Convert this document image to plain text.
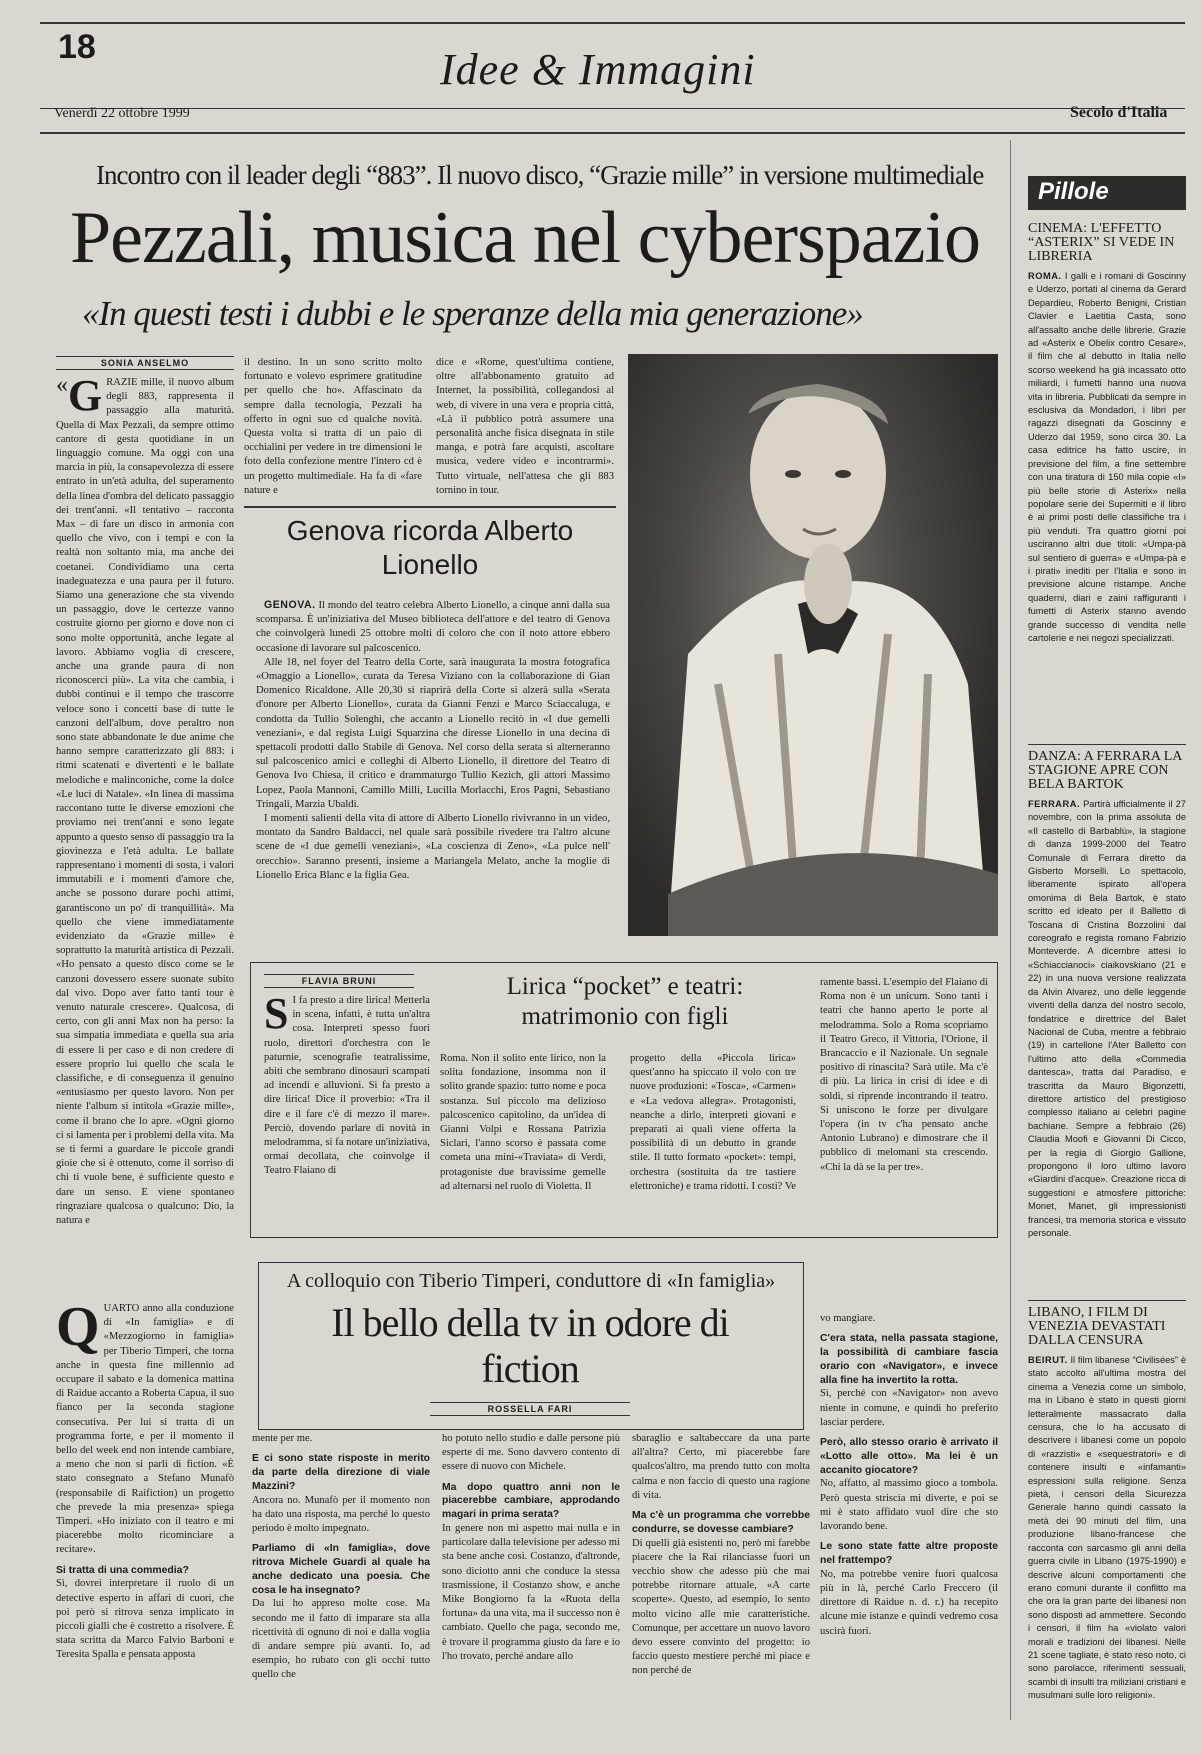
18	Idee & Immagini
Venerdì 22 ottobre 1999	Secolo d'Italia
Incontro con il leader degli “883”. Il nuovo disco, “Grazie mille” in versione multimediale
Pezzali, musica nel cyberspazio
«In questi testi i dubbi e le speranze della mia generazione»
SONIA ANSELMO
« G RAZIE mille, il nuovo album degli 883, rappresenta il passaggio alla maturità. Quella di Max Pezzali, da sempre ottimo cantore di gesta quotidiane in un linguaggio comune. Ma oggi con una marcia in più, la consapevolezza di essere entrato in un'età adulta, del superamento della linea d'ombra del delicato passaggio dei trent'anni. «Il tentativo – racconta Max – di fare un disco in armonia con quello che vivo, con i tempi e con la realtà non soltanto mia, ma anche dei coetanei. Condividiamo una certa inadeguatezza e una paura per il futuro. Siamo una generazione che sta vivendo un passaggio, dove le certezze vanno costruite giorno per giorno e dove non ci sono molte opportunità, anche legate al lavoro. Abbiamo voglia di crescere, anche una grande paura di non riconoscerci più». La vita che cambia, i dubbi continui e il tempo che trascorre veloce sono i concetti base di tutte le canzoni dell'album, dove peraltro non sono state abbandonate le due anime che hanno sempre caratterizzato gli 883: i ritmi scatenati e divertenti e le ballate melodiche e malinconiche, come la dolce «Le luci di Natale». «In linea di massima raccontano tutte le diverse emozioni che proviamo nei trent'anni e sono legate appunto a questo senso di passaggio tra la giovinezza e l'età adulta. Le ballate rappresentano i momenti di sosta, i valori immutabili e i momenti d'amore che, anche se possono durare pochi attimi, garantiscono un po' di tranquillità». Ma quello che viene immediatamente evidenziato da «Grazie mille» è soprattutto la maturità artistica di Pezzali. «Ho pensato a questo disco come se le canzoni dovessero essere suonate subito dal vivo. Dopo aver fatto tanti tour è venuto naturale crescere». Qualcosa, di certo, con gli anni Max non ha perso: la sua simpatia immediata e quella sua aria di essere lì per caso e di non credere di essere proprio lui quello che scala le classifiche, e di conseguenza il genuino «entusiasmo per questo lavoro. Non per niente l'album si intitola «Grazie mille», come il brano che lo apre. «Ogni giorno ci si lamenta per i problemi della vita. Ma se ti fermi a guardare le piccole grandi gioie che si è ottenuto, come il sorriso di chi ti vuole bene, è sufficiente questo e dare un senso. E viene spontaneo ringraziare qualcosa o qualcuno: Dio, la natura e
il destino. In un sono scritto molto fortunato e volevo esprimere gratitudine per quello che ho». Affascinato da sempre dalla tecnologia, Pezzali ha offerto in ogni suo cd qualche novità. Questa volta si tratta di un paio di occhialini per vedere in tre dimensioni le foto della confezione mentre l'intero cd è un progetto multimediale. Ha fa di «fare nature e
dice e «Rome, quest'ultima contiene, oltre all'abbonamento gratuito ad Internet, la possibilità, collegandosi al web, di vivere in una vera e propria città, «Là il pubblico potrà assumere una personalità anche fisica disegnata in stile manga, e potrà fare acquisti, ascoltare musica, vedere video e incontrarmi». Tutto virtuale, nell'attesa che gli 883 tornino in tour.
Genova ricorda Alberto Lionello

GENOVA. Il mondo del teatro celebra Alberto Lionello, a cinque anni dalla sua scomparsa. È un'iniziativa del Museo biblioteca dell'attore e del teatro di Genova che coinvolgerà lunedì 25 ottobre molti di coloro che con il noto attore ebbero occasione di lavorare sul palcoscenico.

Alle 18, nel foyer del Teatro della Corte, sarà inaugurata la mostra fotografica «Omaggio a Lionello», curata da Teresa Viziano con la collaborazione di Gian Domenico Ricaldone. Alle 20,30 si riaprirà della Corte si alzerà sulla «Serata d'onore per Alberto Lionello», curata da Gianni Fenzi e Marco Sciaccaluga, e condotta da Tullio Solenghi, che accanto a Lionello recitò in «I due gemelli veneziani», e dal regista Luigi Squarzina che diresse Lionello in una decina di spettacoli prodotti dallo Stabile di Genova. Nel corso della serata si alterneranno sul palcoscenico amici e colleghi di Alberto Lionello, il direttore del Teatro di Genova Ivo Chiesa, il critico e drammaturgo Tullio Kezich, gli attori Massimo Lopez, Paola Mannoni, Camillo Milli, Lucilla Morlacchi, Eros Pagni, Sebastiano Tringali, Marzia Ubaldi.

I momenti salienti della vita di attore di Alberto Lionello rivivranno in un video, montato da Sandro Baldacci, nel quale sarà possibile rivedere tra l'altro alcune scene de «I due gemelli veneziani», «La coscienza di Zeno», «La pulce nell' orecchio». Saranno presenti, insieme a Mariangela Melato, anche la moglie di Lionello Erica Blanc e la figlia Gea.

FLAVIA BRUNI	Lirica “pocket” e teatri: matrimonio con figli
S I fa presto a dire lirica! Metterla in scena, infatti, è tutta un'altra cosa. Interpreti spesso fuori ruolo, direttori d'orchestra con le paturnie, scenografie teatralissime, abiti che sembrano dinosauri scampati ad incendi e alluvioni. Si fa presto a dire lirica! Dice il proverbio: «Tra il dire e il fare c'è di mezzo il mare». Perciò, dovendo parlare di novità in melodramma, si fa notare un'iniziativa, ormai decollata, che coinvolge il Teatro Flaiano di
Roma. Non il solito ente lirico, non la solita fondazione, insomma non il solito grande spazio: tutto nome e poca sostanza. Sul piccolo ma delizioso palcoscenico capitolino, da un'idea di Gianni Volpi e Rossana Patrizia Siclari, l'anno scorso è passata come cometa una mini-«Traviata» di Verdi, protagoniste due bravissime gemelle ad alternarsi nel ruolo di Violetta. Il
progetto della «Piccola lirica» quest'anno ha spiccato il volo con tre nuove produzioni: «Tosca», «Carmen» e «La vedova allegra». Protagonisti, neanche a dirlo, interpreti giovani e preparati ai quali viene offerta la possibilità di un debutto in grande stile. Il tutto formato «pocket»: tempi, orchestra (sostituita da tre tastiere elettroniche) e trama ridotti. I costi? Ve
ramente bassi. L'esempio del Flaiano di Roma non è un unicum. Sono tanti i teatri che hanno aperto le porte al melodramma. Solo a Roma scopriamo il Teatro Greco, il Vittoria, l'Orione, il Brancaccio e il Nazionale. Un segnale positivo di rinascita? Sarà utile. Ma c'è di più. La lirica in crisi di idee e di soldi, si riprende incontrando il teatro. Si uniscono le forze per divulgare l'opera (in tv c'ha pensato anche Antonio Lubrano) e dimostrare che il pubblico di melomani sta crescendo. «Chi la dà se la per tre».
A colloquio con Tiberio Timperi, conduttore di «In famiglia»
Il bello della tv in odore di fiction
ROSSELLA FARI
Q UARTO anno alla conduzione di «In famiglia» e di «Mezzogiorno in famiglia» per Tiberio Timperi, che torna anche in questa fine millennio ad occupare il sabato e la domenica mattina di Raidue accanto a Roberta Capua, il suo fianco per la seconda stagione consecutiva. Per lui si tratta di un programma forte, e per il momento il bello del week end non intende cambiare, a meno che non si parli di fiction. «È stato consegnato a Stefano Munafò (responsabile di Raifiction) un progetto che prevede la mia presenza» spiega Timperi. «Ho iniziato con il teatro e mi piacerebbe molto ricominciare a recitare».
Si tratta di una commedia?
Sì, dovrei interpretare il ruolo di un detective esperto in affari di cuori, che poi però si ritrova senza implicato in piccoli gialli che è costretto a risolvere. È stata scritta da Marco Falvio Barboni e Teresita Spalla e pensata apposta
mente per me.
E ci sono state risposte in merito da parte della direzione di viale Mazzini?
Ancora no. Munafò per il momento non ha dato una risposta, ma perché lo questo periodo è molto impegnato.
Parliamo di «In famiglia», dove ritrova Michele Guardi al quale ha anche dedicato una poesia. Che cosa le ha insegnato?
Da lui ho appreso molte cose. Ma secondo me il fatto di imparare sta alla ricettività di ognuno di noi e dalla voglia di andare sempre più avanti. Io, ad esempio, ho rubato con gli occhi tutto quello che
ho potuto nello studio e dalle persone più esperte di me. Sono davvero contento di essere di nuovo con Michele.
Ma dopo quattro anni non le piacerebbe cambiare, approdando magari in prima serata?
In genere non mi aspetto mai nulla e in particolare dalla televisione per adesso mi sta bene anche così. Costanzo, d'altronde, sono diciotto anni che conduce la stessa trasmissione, il Costanzo show, e anche Mike Bongiorno fa la «Ruota della fortuna» da una vita, ma il successo non è cambiato. Quello che paga, secondo me, è trovare il programma giusto da fare e io l'ho trovato, perché andare allo
sbaraglio e saltabeccare da una parte all'altra? Certo, mi piacerebbe fare qualcos'altro, ma prendo tutto con molta calma e non faccio di questo una ragione di vita.
Ma c'è un programma che vorrebbe condurre, se dovesse cambiare?
Di quelli già esistenti no, però mi farebbe piacere che la Rai rilanciasse fuori un vecchio show che adesso più che mai potrebbe ritornare attuale, «A carte scoperte». Questo, ad esempio, lo sento molto vicino alle mie caratteristiche. Comunque, per accettare un nuovo lavoro devo essere convinto del progetto: io faccio questo mestiere perché mi piace e non perché de
vo mangiare.
C'era stata, nella passata stagione, la possibilità di cambiare fascia orario con «Navigator», e invece alla fine ha invertito la rotta.
Sì, perché con «Navigator» non avevo niente in comune, e quindi ho preferito lasciar perdere.
Però, allo stesso orario è arrivato il «Lotto alle otto». Ma lei è un accanito giocatore?
No, affatto, al massimo gioco a tombola. Però questa striscia mi diverte, e poi se mi è stato affidato vuol dire che sto lavorando bene.
Le sono state fatte altre proposte nel frattempo?
No, ma potrebbe venire fuori qualcosa più in là, perché Carlo Freccero (il direttore di Raidue n. d. r.) ha recepito alcune mie istanze e quindi vedremo cosa uscirà fuori.
Pillole
CINEMA: L'EFFETTO “ASTERIX” SI VEDE IN LIBRERIA
ROMA. I galli e i romani di Goscinny e Uderzo, portati al cinema da Gerard Depardieu, Roberto Benigni, Cristian Clavier e Laetitia Casta, sono all'assalto anche delle librerie. Grazie ad «Asterix e Obelix contro Cesare», il film che al debutto in Italia nello scorso weekend ha già incassato otto miliardi, i fumetti hanno una nuova vita in libreria. Pubblicati da sempre in esclusiva da Mondadori, i libri per ragazzi disegnati da Goscinny e Uderzo dal 1959, sono circa 30. La casa editrice ha fatto uscire, in previsione del film, a fine settembre con una tiratura di 150 mila copie «I» più belle storie di Asterix» nella popolare serie dei Supermiti e il libro è ai primi posti delle classifiche tra i più venduti. Tra quattro giorni poi usciranno altri due titoli: «Umpa-pà sul sentiero di guerra» e «Umpa-pà e i pirati» inediti per l'Italia e sono in previsione alcune ristampe. Anche quaderni, diari e zaini raffiguranti i fumetti di Asterix stanno avendo grande successo di vendita nelle cartolerie e nei negozi specializzati.
DANZA: A FERRARA LA STAGIONE APRE CON BELA BARTOK
FERRARA. Partirà ufficialmente il 27 novembre, con la prima assoluta de «Il castello di Barbablù», la stagione di danza 1999-2000 del Teatro Comunale di Ferrara diretto da Gisberto Morselli. Lo spettacolo, liberamente ispirato all'opera omonima di Bela Bartok, è stato scritto ed ideato per il Balletto di Toscana di Cristina Bozzolini dal coreografo e regista romano Fabrizio Monteverde. A dicembre attesi lo «Schiaccianoci» ciaikovskiano (21 e 22) in una nuova versione realizzata da Alvin Alvarez, uno delle leggende viventi della danza del nostro secolo, fondatrice e direttrice del Balet Nacional de Cuba, mentre a febbraio (19) in cartellone l'Ater Balletto con l'ultimo atto della «Commedia dantesca», tratta dal Paradiso, e trascritta da Mauro Bigonzetti, direttore artistico del prestigioso complesso italiano ai celebri pagine bachiane. Sempre a febbraio (26) Claudia Moofi e Giovanni Di Cicco, per la regia di Giorgio Gallione, propongono il loro ultimo lavoro «Giardini d'acque». Creazione ricca di suggestioni e atmosfere pittoriche: Monet, Manet, gli impressionisti francesi, tra memoria storica e vissuto personale.
LIBANO, I FILM DI VENEZIA DEVASTATI DALLA CENSURA
BEIRUT. Il film libanese “Civilisées” è stato accolto all'ultima mostra del cinema a Venezia come un simbolo, ma in Libano è stato in questi giorni letteralmente massacrato dalla censura, che lo ha accusato di descrivere i libanesi come un popolo di «razzisti» e «sequestratori» e di contenere insulti e «infamanti» espressioni sulla religione. Senza pietà, i censori della Sicurezza Generale hanno quindi cassato la metà dei 90 minuti del film, una produzione libano-francese che racconta con sarcasmo gli anni della guerra civile in Libano (1975-1990) e descrive alcuni comportamenti che erano comuni durante il conflitto ma che ora la gran parte dei libanesi non sono disposti ad ammettere. Secondo i censori, il film ha «violato valori morali e tradizioni dei libanesi. Nelle 21 scene tagliate, è stato reso noto, ci sono parolacce, riferimenti sessuali, scambi di insulti tra miliziani cristiani e musulmani sulle loro religioni».
